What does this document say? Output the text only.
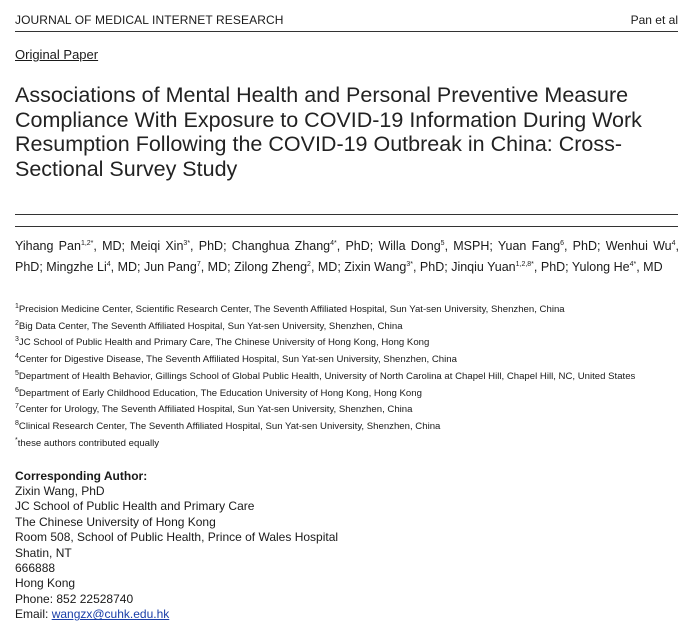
JOURNAL OF MEDICAL INTERNET RESEARCH	Pan et al
Original Paper
Associations of Mental Health and Personal Preventive Measure Compliance With Exposure to COVID-19 Information During Work Resumption Following the COVID-19 Outbreak in China: Cross-Sectional Survey Study

Yihang Pan$^{1,2*}$, MD; Meiqi Xin$^{3*}$, PhD; Changhua Zhang$^{4*}$, PhD; Willa Dong$^5$, MSPH; Yuan Fang$^6$, PhD; Wenhui Wu$^4$, PhD; Mingzhe Li$^4$, MD; Jun Pang$^7$, MD; Zilong Zheng$^2$, MD; Zixin Wang$^{3*}$, PhD; Jinqiu Yuan$^{1,2,8*}$, PhD; Yulong $He^{4*}$, MD

$^1$Precision Medicine Center, Scientific Research Center, The Seventh Affiliated Hospital, Sun Yat-sen University, Shenzhen, China
$^2$Big Data Center, The Seventh Affiliated Hospital, Sun Yat-sen University, Shenzhen, China
$^3$JC School of Public Health and Primary Care, The Chinese University of Hong Kong, Hong Kong
$^4$Center for Digestive Disease, The Seventh Affiliated Hospital, Sun Yat-sen University, Shenzhen, China
$^5$Department of Health Behavior, Gillings School of Global Public Health, University of North Carolina at Chapel Hill, Chapel Hill, NC, United States
$^6$Department of Early Childhood Education, The Education University of Hong Kong, Hong Kong
$^7$Center for Urology, The Seventh Affiliated Hospital, Sun Yat-sen University, Shenzhen, China
$^8$Clinical Research Center, The Seventh Affiliated Hospital, Sun Yat-sen University, Shenzhen, China
*these authors contributed equally
Corresponding Author:
Zixin Wang, PhD
JC School of Public Health and Primary Care
The Chinese University of Hong Kong
Room 508, School of Public Health, Prince of Wales Hospital
Shatin, NT
666888
Hong Kong
Phone: 852 22528740
Email: wangzx@cuhk.edu.hk
